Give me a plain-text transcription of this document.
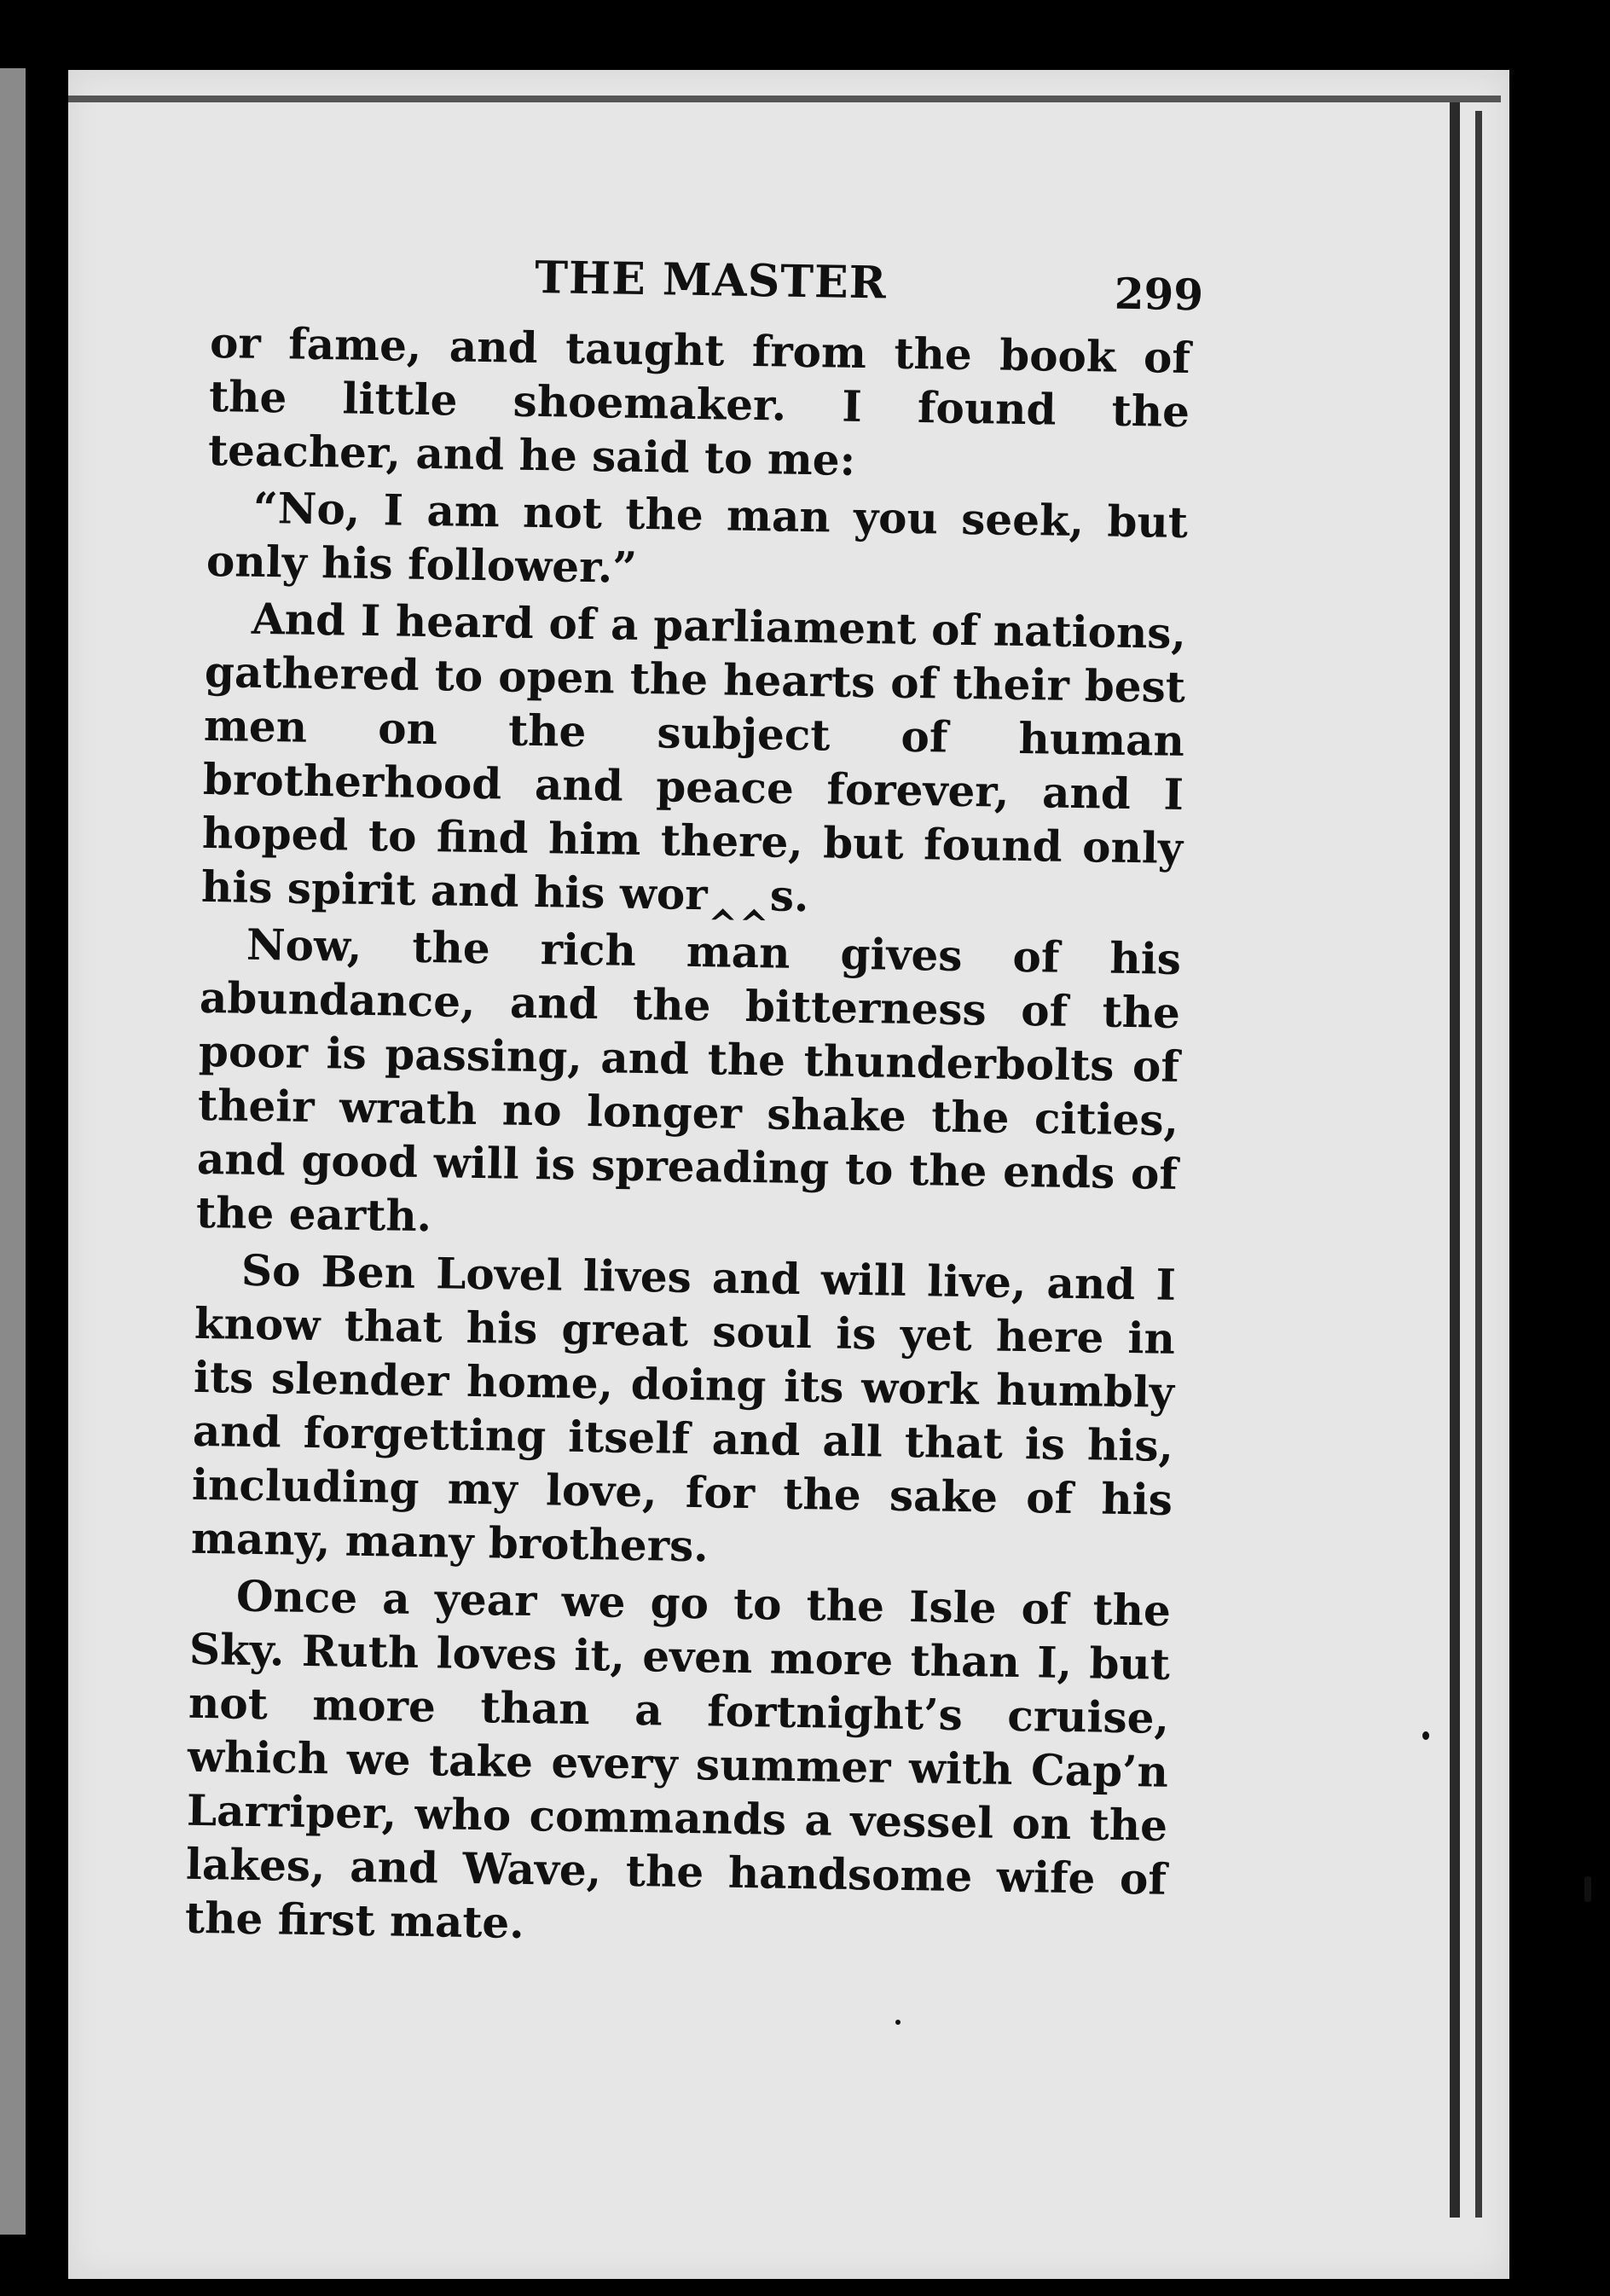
THE MASTER	299

or fame, and taught from the book of the little shoemaker. I found the teacher, and he said to me:

“No, I am not the man you seek, but only his follower.”

And I heard of a parliament of nations, gathered to open the hearts of their best men on the subject of human brotherhood and peace forever, and I hoped to find him there, but found only his spirit and his wor‸‸s.

Now, the rich man gives of his abundance, and the bitterness of the poor is passing, and the thunderbolts of their wrath no longer shake the cities, and good will is spreading to the ends of the earth.

So Ben Lovel lives and will live, and I know that his great soul is yet here in its slender home, doing its work humbly and forgetting itself and all that is his, including my love, for the sake of his many, many brothers.

Once a year we go to the Isle of the Sky. Ruth loves it, even more than I, but not more than a fortnight’s cruise, which we take every summer with Cap’n Larriper, who commands a vessel on the lakes, and Wave, the handsome wife of the first mate.
